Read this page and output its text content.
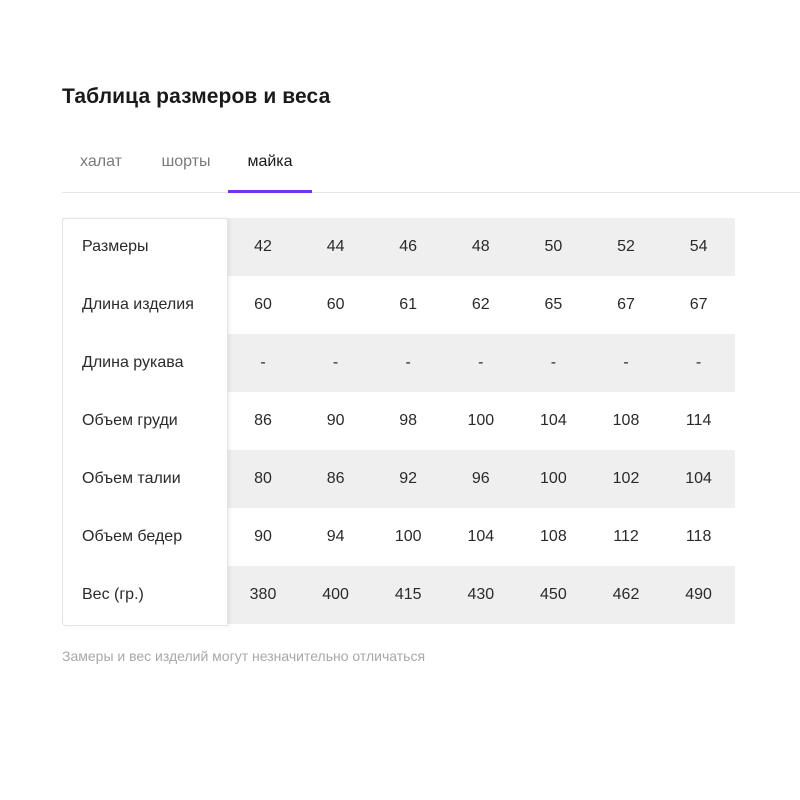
Таблица размеров и веса
халат	шорты	майка
Размеры	42	44	46	48	50	52	54
Длина изделия	60	60	61	62	65	67	67
Длина рукава	-	-	-	-	-	-	-
Объем груди	86	90	98	100	104	108	114
Объем талии	80	86	92	96	100	102	104
Объем бедер	90	94	100	104	108	112	118
Вес (гр.)	380	400	415	430	450	462	490
Замеры и вес изделий могут незначительно отличаться
